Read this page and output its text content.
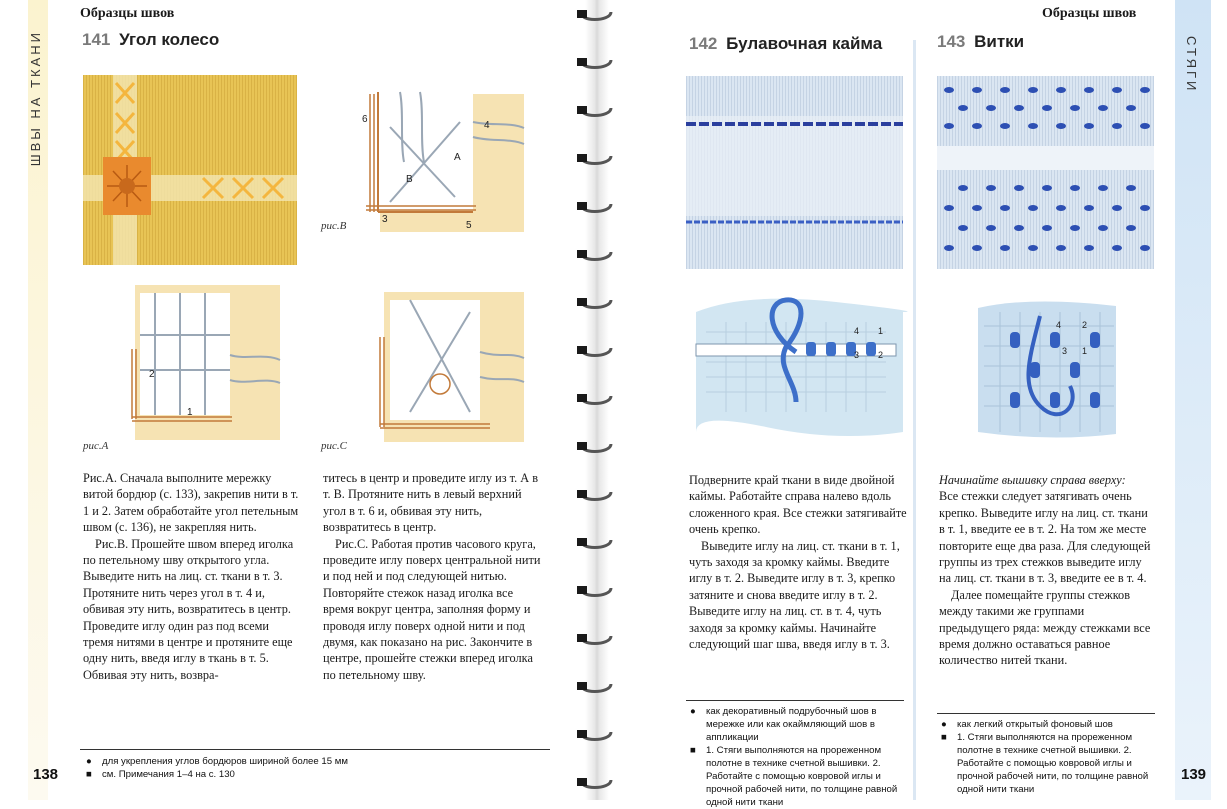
ШВЫ НА ТКАНИ	СТЯГИ
Образцы швов
141 Угол колесо
6
4
A
B
3
5
рис.B
2
1
рис.A	рис.C

Рис.А. Сначала выполните мережку витой бордюр (с. 133), закрепив нити в т. 1 и 2. Затем обработайте угол петельным швом (с. 136), не закрепляя нить.

Рис.B. Прошейте швом вперед иголка по петельному шву открытого угла. Выведите нить на лиц. ст. ткани в т. 3. Протяните нить через угол в т. 4 и, обвивая эту нить, возвратитесь в центр. Проведите иглу один раз под всеми тремя нитями в центре и протяните еще одну нить, введя иглу в ткань в т. 5. Обвивая эту нить, возвра-

титесь в центр и проведите иглу из т. А в т. В. Протяните нить в левый верхний угол в т. 6 и, обвивая эту нить, возвратитесь в центр.

Рис.С. Работая против часового круга, проведите иглу поверх центральной нити и под ней и под следующей нитью. Повторяйте стежок назад иголка все время вокруг центра, заполняя форму и проводя иглу поверх одной нити и под двумя, как показано на рис. Закончите в центре, прошейте стежки вперед иголка по петельному шву.

●	для укрепления углов бордюров шириной более 15 мм
■	см. Примечания 1–4 на с. 130
138
Образцы швов
142 Булавочная кайма	143 Витки
4 1
3 2
4 2
1
3

Подверните край ткани в виде двойной каймы. Работайте справа налево вдоль сложенного края. Все стежки затягивайте очень крепко.

Выведите иглу на лиц. ст. ткани в т. 1, чуть заходя за кромку каймы. Введите иглу в т. 2. Выведите иглу в т. 3, крепко затяните и снова введите иглу в т. 2. Выведите иглу на лиц. ст. в т. 4, чуть заходя за кромку каймы. Начинайте следующий шаг шва, введя иглу в т. 3.

Начинайте вышивку справа вверху:

Все стежки следует затягивать очень крепко. Выведите иглу на лиц. ст. ткани в т. 1, введите ее в т. 2. На том же месте повторите еще два раза. Для следующей группы из трех стежков выведите иглу на лиц. ст. ткани в т. 3, введите ее в т. 4.

Далее помещайте группы стежков между такими же группами предыдущего ряда: между стежками все время должно оставаться равное количество нитей ткани.

●	как декоративный подрубочный шов в мережке или как окаймляющий шов в аппликации
■	1. Стяги выполняются на прореженном полотне в технике счетной вышивки. 2. Работайте с помощью ковровой иглы и прочной рабочей нити, по толщине равной одной нити ткани
●	как легкий открытый фоновый шов
■	1. Стяги выполняются на прореженном полотне в технике счетной вышивки. 2. Работайте с помощью ковровой иглы и прочной рабочей нити, по толщине равной одной нити ткани
139
